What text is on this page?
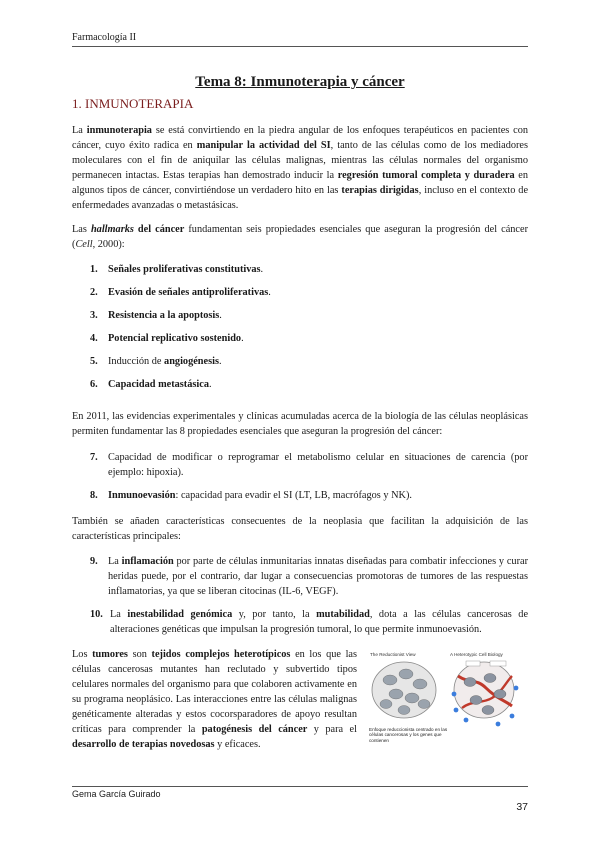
Farmacología II
Tema 8: Inmunoterapia y cáncer
1. INMUNOTERAPIA
La inmunoterapia se está convirtiendo en la piedra angular de los enfoques terapéuticos en pacientes con cáncer, cuyo éxito radica en manipular la actividad del SI, tanto de las células como de los mediadores moleculares con el fin de aniquilar las células malignas, mientras las células normales del organismo permanecen intactas. Estas terapias han demostrado inducir la regresión tumoral completa y duradera en algunos tipos de cáncer, convirtiéndose un verdadero hito en las terapias dirigidas, incluso en el contexto de enfermedades avanzadas o metastásicas.
Las hallmarks del cáncer fundamentan seis propiedades esenciales que aseguran la progresión del cáncer (Cell, 2000):
1. Señales proliferativas constitutivas.
2. Evasión de señales antiproliferativas.
3. Resistencia a la apoptosis.
4. Potencial replicativo sostenido.
5. Inducción de angiogénesis.
6. Capacidad metastásica.
En 2011, las evidencias experimentales y clínicas acumuladas acerca de la biología de las células neoplásicas permiten fundamentar las 8 propiedades esenciales que aseguran la progresión del cáncer:
7. Capacidad de modificar o reprogramar el metabolismo celular en situaciones de carencia (por ejemplo: hipoxia).
8. Inmunoevasión: capacidad para evadir el SI (LT, LB, macrófagos y NK).
También se añaden características consecuentes de la neoplasia que facilitan la adquisición de las características principales:
9. La inflamación por parte de células inmunitarias innatas diseñadas para combatir infecciones y curar heridas puede, por el contrario, dar lugar a consecuencias promotoras de tumores de las respuestas inflamatorias, ya que se liberan citocinas (IL-6, VEGF).
10. La inestabilidad genómica y, por tanto, la mutabilidad, dota a las células cancerosas de alteraciones genéticas que impulsan la progresión tumoral, lo que permite inmunoevasión.
Los tumores son tejidos complejos heterotípicos en los que las células cancerosas mutantes han reclutado y subvertido tipos celulares normales del organismo para que colaboren activamente en su programa neoplásico. Las interacciones entre las células malignas genéticamente alteradas y estos cocorsparadores de apoyo resultan críticas para comprender la patogénesis del cáncer y para el desarrollo de terapias novedosas y eficaces.
The Reductionist View	A Heterotypic Cell Biology
Enfoque reduccionista centrado en las células cancerosas y los genes que contienen
Gema García Guirado
37
